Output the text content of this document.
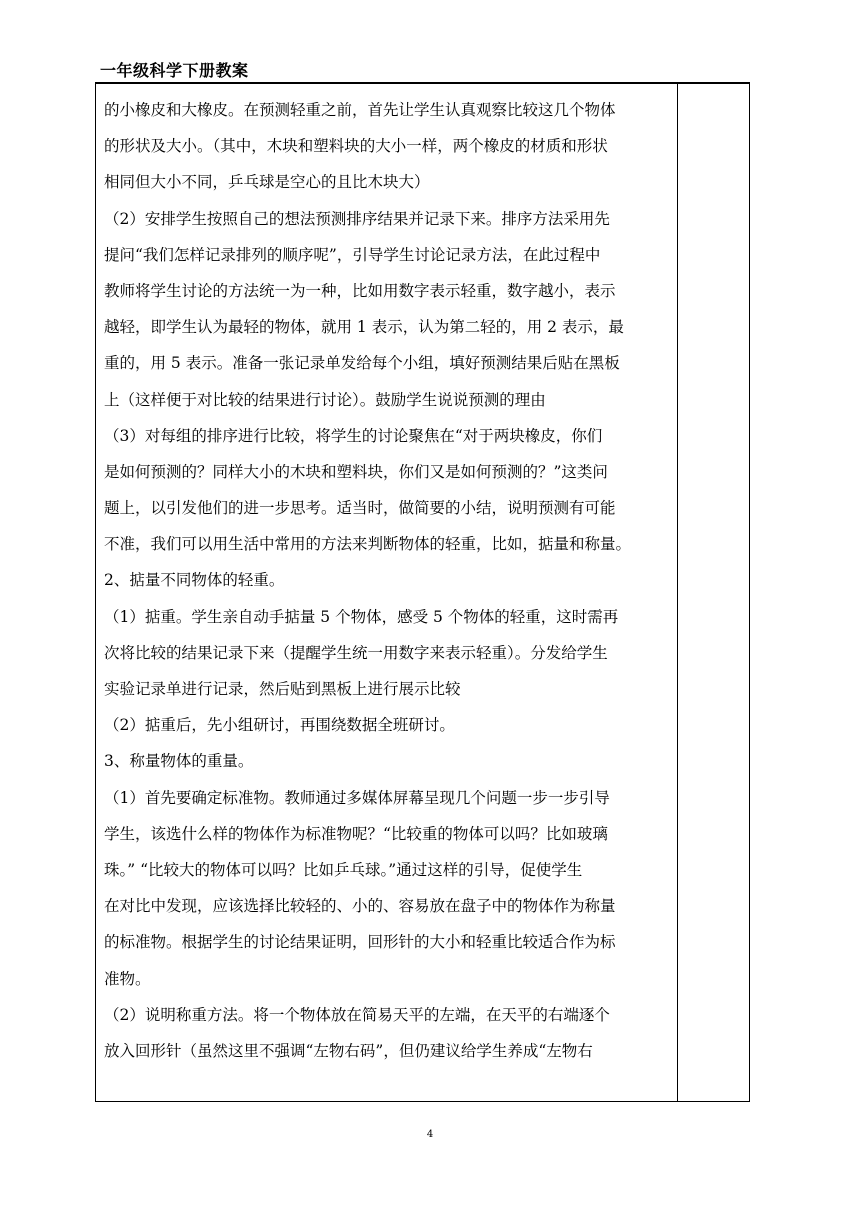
一年级科学下册教案
的小橡皮和大橡皮。在预测轻重之前，首先让学生认真观察比较这几个物体
的形状及大小。（其中，木块和塑料块的大小一样，两个橡皮的材质和形状
相同但大小不同，乒乓球是空心的且比木块大）
（2）安排学生按照自己的想法预测排序结果并记录下来。排序方法采用先
提问“我们怎样记录排列的顺序呢”，引导学生讨论记录方法，在此过程中
教师将学生讨论的方法统一为一种，比如用数字表示轻重，数字越小，表示
越轻，即学生认为最轻的物体，就用 1 表示，认为第二轻的，用 2 表示，最
重的，用 5 表示。准备一张记录单发给每个小组，填好预测结果后贴在黑板
上（这样便于对比较的结果进行讨论）。鼓励学生说说预测的理由
（3）对每组的排序进行比较，将学生的讨论聚焦在“对于两块橡皮，你们
是如何预测的？同样大小的木块和塑料块，你们又是如何预测的？”这类问
题上，以引发他们的进一步思考。适当时，做简要的小结，说明预测有可能
不准，我们可以用生活中常用的方法来判断物体的轻重，比如，掂量和称量。
2、掂量不同物体的轻重。
（1）掂重。学生亲自动手掂量 5 个物体，感受 5 个物体的轻重，这时需再
次将比较的结果记录下来（提醒学生统一用数字来表示轻重）。分发给学生
实验记录单进行记录，然后贴到黑板上进行展示比较
（2）掂重后，先小组研讨，再围绕数据全班研讨。
3、称量物体的重量。
（1）首先要确定标准物。教师通过多媒体屏幕呈现几个问题一步一步引导
学生，该选什么样的物体作为标准物呢？“比较重的物体可以吗？比如玻璃
珠。” “比较大的物体可以吗？比如乒乓球。”通过这样的引导，促使学生
在对比中发现，应该选择比较轻的、小的、容易放在盘子中的物体作为称量
的标准物。根据学生的讨论结果证明，回形针的大小和轻重比较适合作为标
准物。
（2）说明称重方法。将一个物体放在简易天平的左端，在天平的右端逐个
放入回形针（虽然这里不强调“左物右码”，但仍建议给学生养成“左物右
4
